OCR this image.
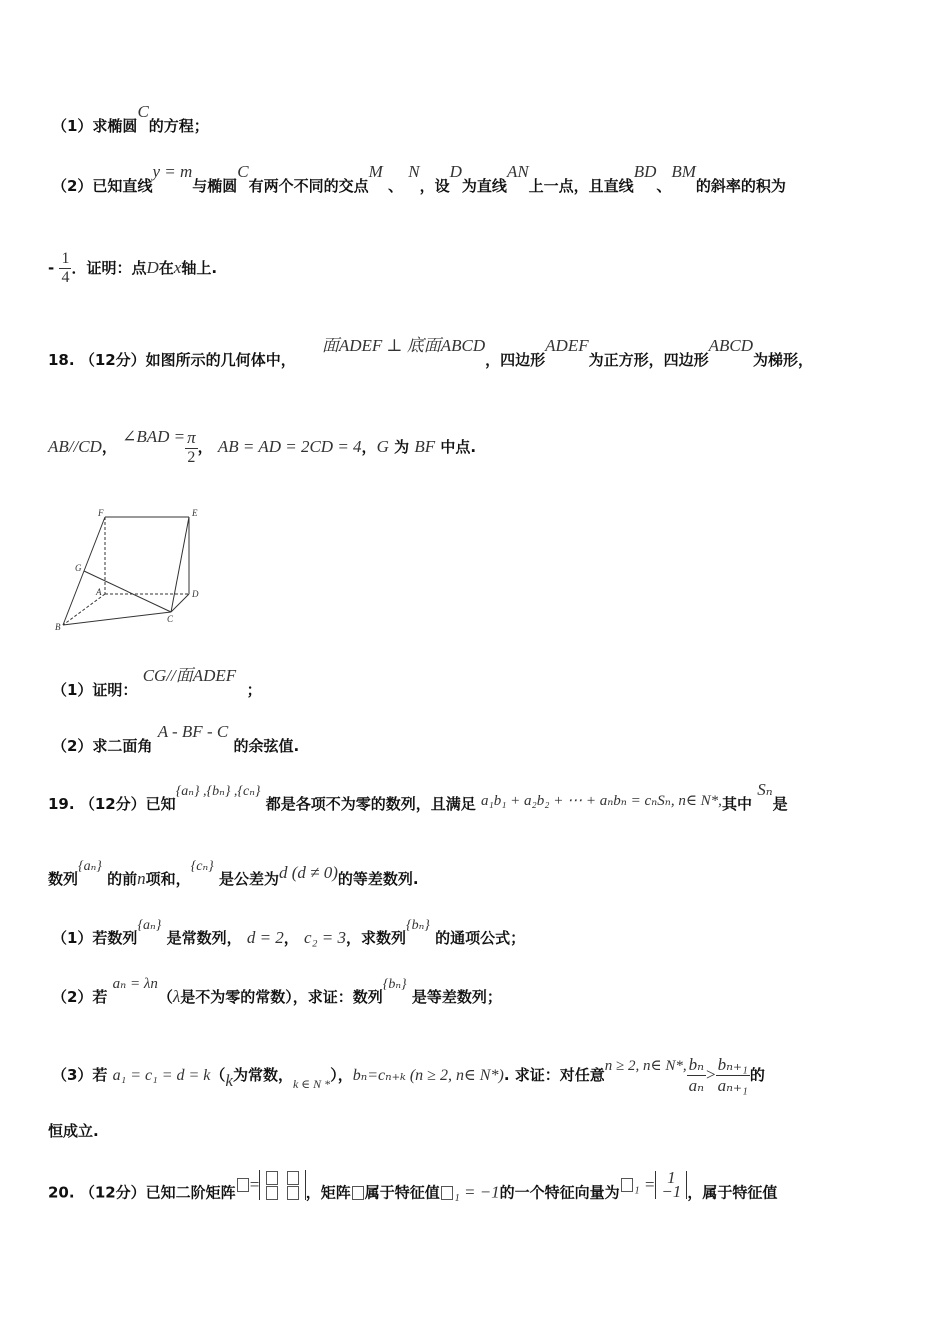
（1）求椭圆C的方程；
（2）已知直线y = m与椭圆C有两个不同的交点M 、 N，设D为直线AN上一点，且直线BD、BM的斜率的积为
- $\frac{1}{4}$ ．证明：点D在x轴上.
18. （12分）如图所示的几何体中，     面ADEF ⊥ 底面ABCD，四边形ADEF为正方形，四边形ABCD为梯形，
AB//CD， ∠BAD = $\frac{\pi}{2}$ ， AB = AD = 2CD = 4，G 为 BF 中点.
F	E
G
A	D
B
C
（1）证明： CG//面ADEF  ；
（2）求二面角 A - BF - C 的余弦值.
19. （12分）已知{aₙ} ,{bₙ} ,{cₙ} 都是各项不为零的数列，且满足 a₁b₁ + a₂b₂ + ⋯ + aₙbₙ = cₙSₙ, n∈ N*,其中 Sₙ是
数列{aₙ} 的前n项和，{cₙ} 是公差为d (d ≠ 0)的等差数列.
（1）若数列{aₙ} 是常数列， d = 2， c₂ = 3，求数列{bₙ} 的通项公式；
（2）若 aₙ = λn（λ是不为零的常数），求证：数列{bₙ} 是等差数列；
（3）若 a₁ = c₁ = d = k（k为常数，$_{k \in N *}$），bₙ=cₙ₊ₖ (n ≥ 2, n∈ N*). 求证：对任意n ≥ 2, n∈ N*, $\frac{\text{bₙ}}{\text{aₙ}} > \frac{\text{bₙ₊₁}}{\text{aₙ₊₁}}$ 的
恒成立.
20. （12分）已知二阶矩阵 =	，矩阵 属于特征值 ₁ = −1的一个特征向量为 ₁ = 1
−1 ，属于特征值
